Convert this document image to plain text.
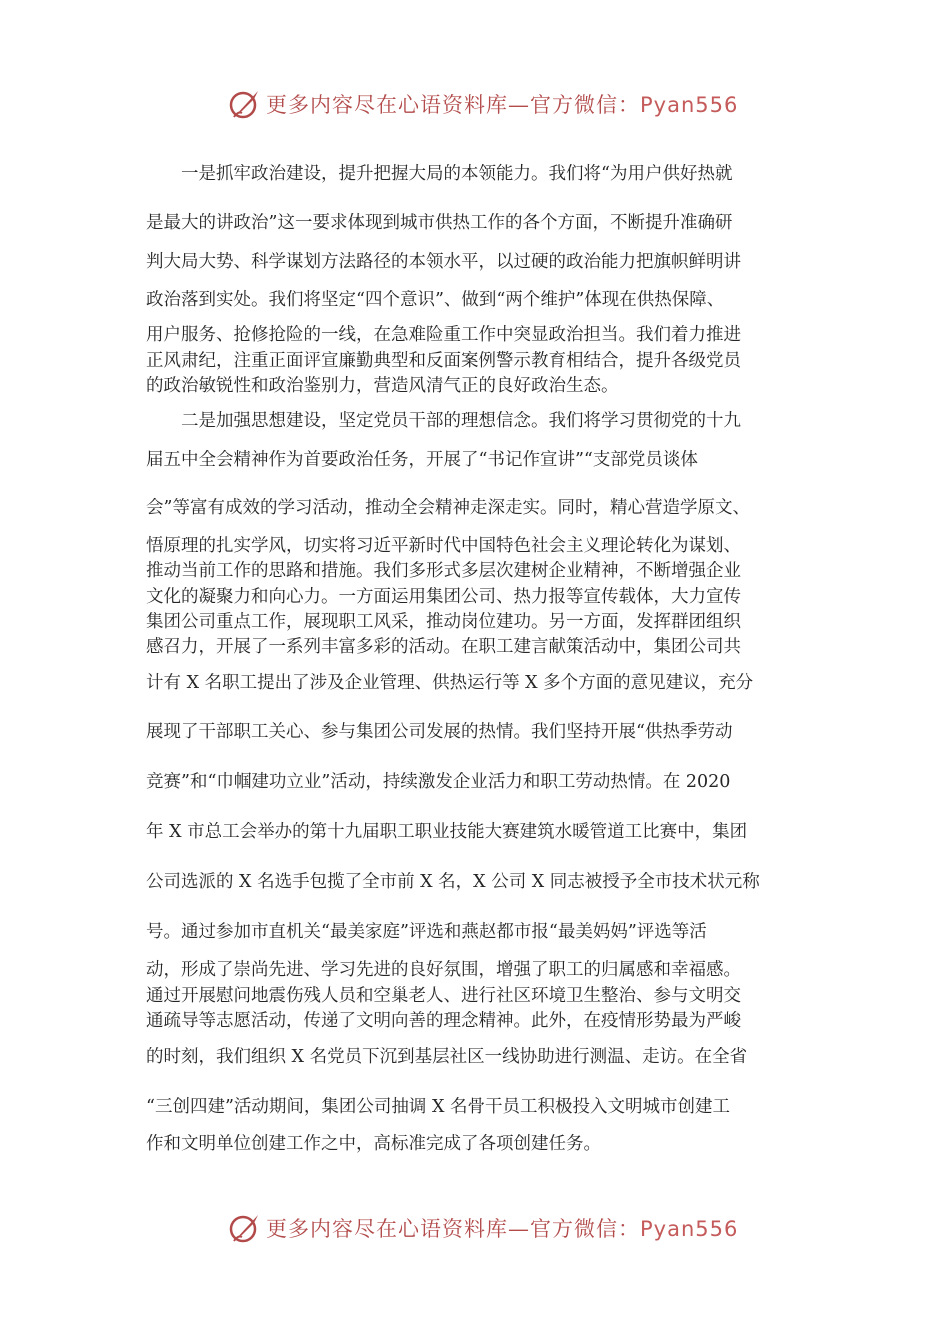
更多内容尽在心语资料库—官方微信：Pyan556
一是抓牢政治建设，提升把握大局的本领能力。我们将“为用户供好热就
是最大的讲政治”这一要求体现到城市供热工作的各个方面，不断提升准确研
判大局大势、科学谋划方法路径的本领水平，以过硬的政治能力把旗帜鲜明讲
政治落到实处。我们将坚定“四个意识”、做到“两个维护”体现在供热保障、
用户服务、抢修抢险的一线，在急难险重工作中突显政治担当。我们着力推进
正风肃纪，注重正面评宣廉勤典型和反面案例警示教育相结合，提升各级党员
的政治敏锐性和政治鉴别力，营造风清气正的良好政治生态。
二是加强思想建设，坚定党员干部的理想信念。我们将学习贯彻党的十九
届五中全会精神作为首要政治任务，开展了“书记作宣讲”“支部党员谈体
会”等富有成效的学习活动，推动全会精神走深走实。同时，精心营造学原文、
悟原理的扎实学风，切实将习近平新时代中国特色社会主义理论转化为谋划、
推动当前工作的思路和措施。我们多形式多层次建树企业精神，不断增强企业
文化的凝聚力和向心力。一方面运用集团公司、热力报等宣传载体，大力宣传
集团公司重点工作，展现职工风采，推动岗位建功。另一方面，发挥群团组织
感召力，开展了一系列丰富多彩的活动。在职工建言献策活动中，集团公司共
计有 X 名职工提出了涉及企业管理、供热运行等 X 多个方面的意见建议，充分
展现了干部职工关心、参与集团公司发展的热情。我们坚持开展“供热季劳动
竞赛”和“巾帼建功立业”活动，持续激发企业活力和职工劳动热情。在 2020
年 X 市总工会举办的第十九届职工职业技能大赛建筑水暖管道工比赛中，集团
公司选派的 X 名选手包揽了全市前 X 名，X 公司 X 同志被授予全市技术状元称
号。通过参加市直机关“最美家庭”评选和燕赵都市报“最美妈妈”评选等活
动，形成了崇尚先进、学习先进的良好氛围，增强了职工的归属感和幸福感。
通过开展慰问地震伤残人员和空巢老人、进行社区环境卫生整治、参与文明交
通疏导等志愿活动，传递了文明向善的理念精神。此外，在疫情形势最为严峻
的时刻，我们组织 X 名党员下沉到基层社区一线协助进行测温、走访。在全省
“三创四建”活动期间，集团公司抽调 X 名骨干员工积极投入文明城市创建工
作和文明单位创建工作之中，高标准完成了各项创建任务。
更多内容尽在心语资料库—官方微信：Pyan556
